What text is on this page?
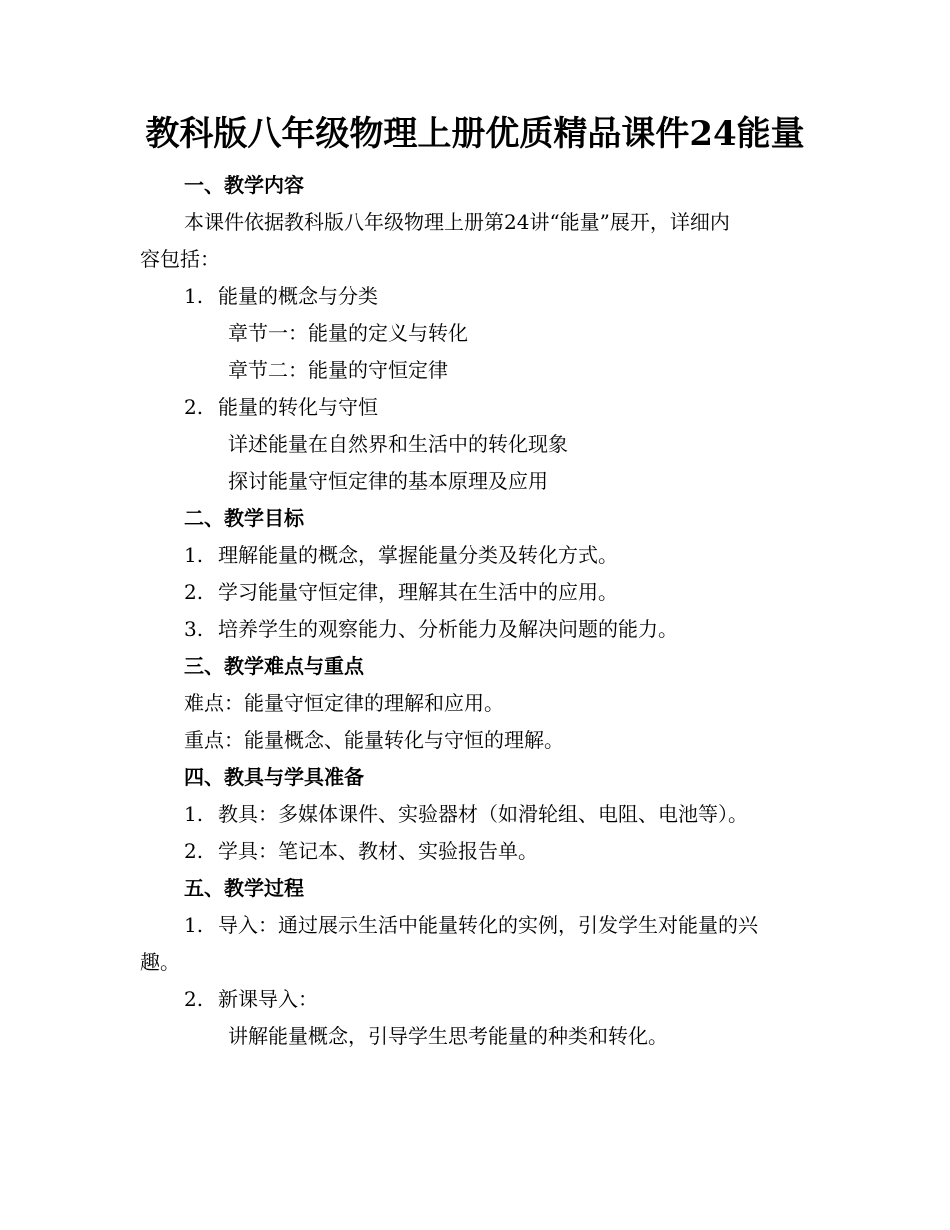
教科版八年级物理上册优质精品课件24能量
一、教学内容
本课件依据教科版八年级物理上册第24讲“能量”展开，详细内
容包括：
1. 能量的概念与分类
章节一：能量的定义与转化
章节二：能量的守恒定律
2. 能量的转化与守恒
详述能量在自然界和生活中的转化现象
探讨能量守恒定律的基本原理及应用
二、教学目标
1. 理解能量的概念，掌握能量分类及转化方式。
2. 学习能量守恒定律，理解其在生活中的应用。
3. 培养学生的观察能力、分析能力及解决问题的能力。
三、教学难点与重点
难点：能量守恒定律的理解和应用。
重点：能量概念、能量转化与守恒的理解。
四、教具与学具准备
1. 教具：多媒体课件、实验器材（如滑轮组、电阻、电池等）。
2. 学具：笔记本、教材、实验报告单。
五、教学过程
1. 导入：通过展示生活中能量转化的实例，引发学生对能量的兴
趣。
2. 新课导入：
讲解能量概念，引导学生思考能量的种类和转化。
